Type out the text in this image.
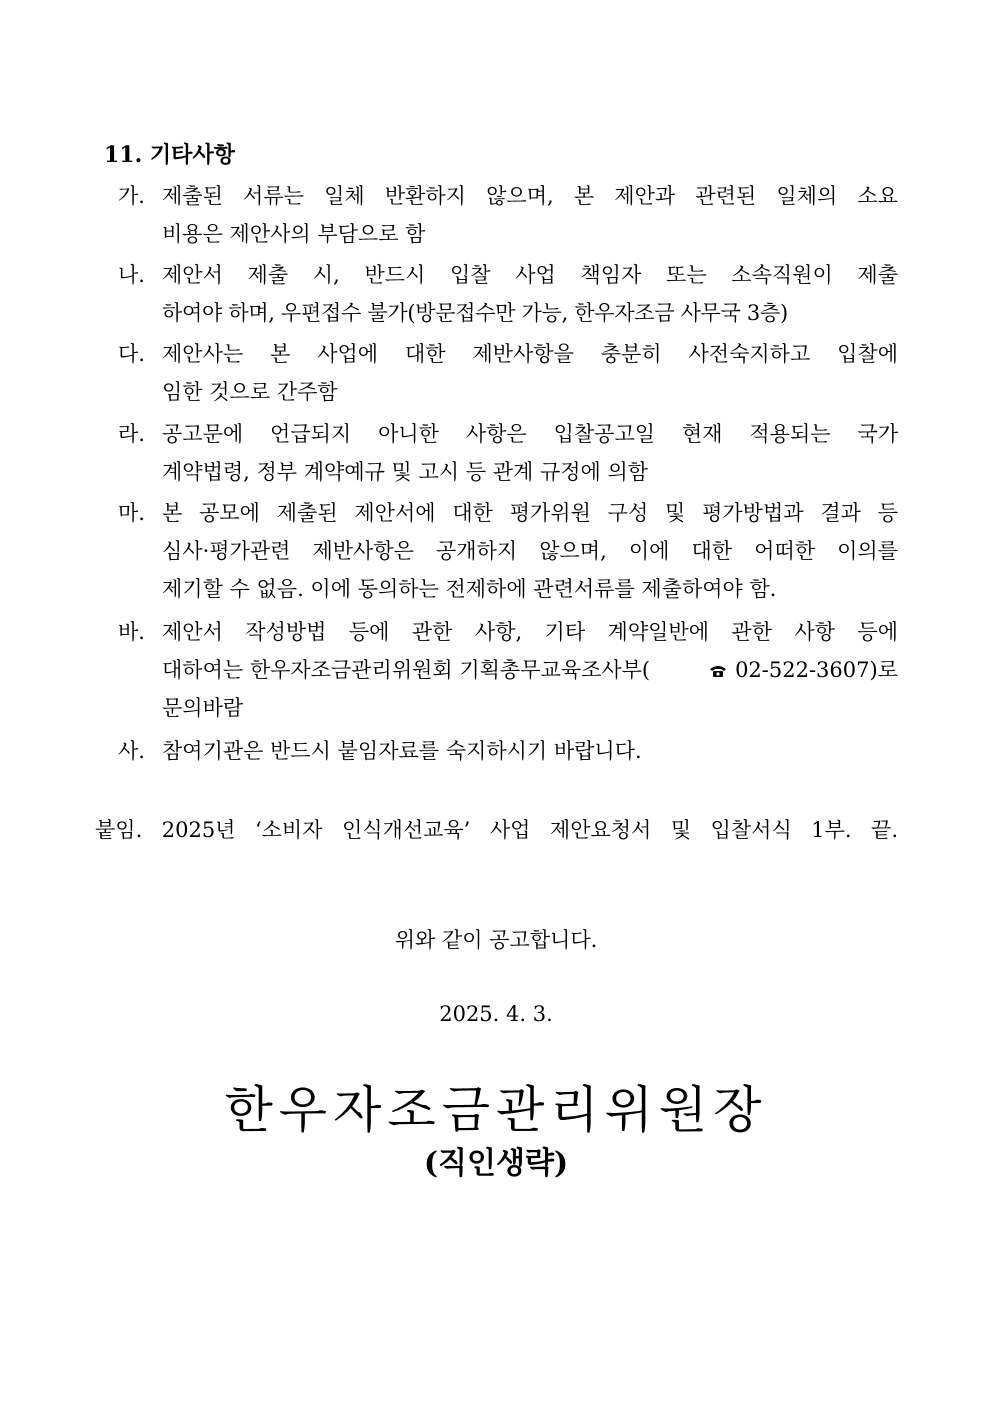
11. 기타사항
가. 제출된 서류는 일체 반환하지 않으며, 본 제안과 관련된 일체의 소요
비용은 제안사의 부담으로 함
나. 제안서 제출 시, 반드시 입찰 사업 책임자 또는 소속직원이 제출
하여야 하며, 우편접수 불가(방문접수만 가능, 한우자조금 사무국 3층)
다. 제안사는 본 사업에 대한 제반사항을 충분히 사전숙지하고 입찰에
임한 것으로 간주함
라. 공고문에 언급되지 아니한 사항은 입찰공고일 현재 적용되는 국가
계약법령, 정부 계약예규 및 고시 등 관계 규정에 의함
마. 본 공모에 제출된 제안서에 대한 평가위원 구성 및 평가방법과 결과 등
심사·평가관련 제반사항은 공개하지 않으며, 이에 대한 어떠한 이의를
제기할 수 없음. 이에 동의하는 전제하에 관련서류를 제출하여야 함.
바. 제안서 작성방법 등에 관한 사항, 기타 계약일반에 관한 사항 등에
대하여는 한우자조금관리위원회 기획총무교육조사부(	02-522-3607)로
문의바람
사. 참여기관은 반드시 붙임자료를 숙지하시기 바랍니다.
붙임. 2025년 ‘소비자 인식개선교육’ 사업 제안요청서 및 입찰서식 1부. 끝.
위와 같이 공고합니다.
2025. 4. 3.
한우자조금관리위원장
(직인생략)
